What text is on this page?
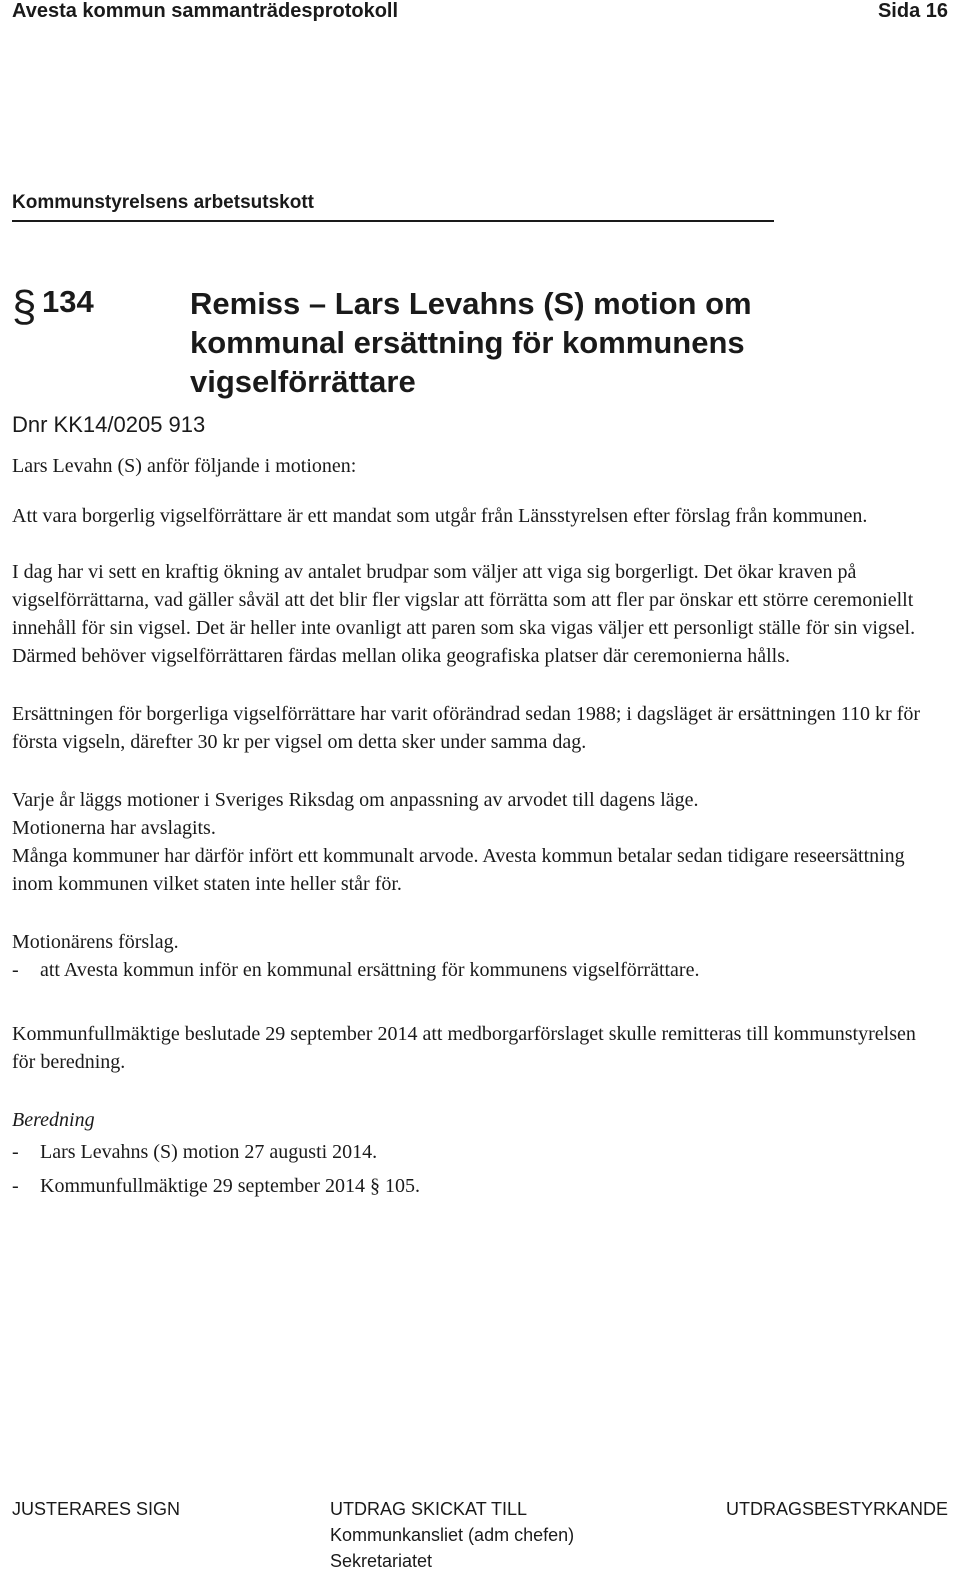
Avesta kommun sammanträdesprotokoll	Sida 16
Kommunstyrelsens arbetsutskott
§ 134	Remiss – Lars Levahns (S) motion om
kommunal ersättning för kommunens
vigselförrättare
Dnr KK14/0205 913

Lars Levahn (S) anför följande i motionen:

Att vara borgerlig vigselförrättare är ett mandat som utgår från Länsstyrelsen efter förslag från kommunen.

I dag har vi sett en kraftig ökning av antalet brudpar som väljer att viga sig borgerligt. Det ökar kraven på vigselförrättarna, vad gäller såväl att det blir fler vigslar att förrätta som att fler par önskar ett större ceremoniellt innehåll för sin vigsel. Det är heller inte ovanligt att paren som ska vigas väljer ett personligt ställe för sin vigsel. Därmed behöver vigselförrättaren färdas mellan olika geografiska platser där ceremonierna hålls.

Ersättningen för borgerliga vigselförrättare har varit oförändrad sedan 1988; i dagsläget är ersättningen 110 kr för första vigseln, därefter 30 kr per vigsel om detta sker under samma dag.

Varje år läggs motioner i Sveriges Riksdag om anpassning av arvodet till dagens läge.

Motionerna har avslagits.

Många kommuner har därför infört ett kommunalt arvode. Avesta kommun betalar sedan tidigare reseersättning inom kommunen vilket staten inte heller står för.

Motionärens förslag.

-	att Avesta kommun inför en kommunal ersättning för kommunens vigselförrättare.

Kommunfullmäktige beslutade 29 september 2014 att medborgarförslaget skulle remitteras till kommunstyrelsen för beredning.

Beredning

-	Lars Levahns (S) motion 27 augusti 2014.
-	Kommunfullmäktige 29 september 2014 § 105.
JUSTERARES SIGN	UTDRAG SKICKAT TILL
Kommunkansliet (adm chefen)
Sekretariatet
UTDRAGSBESTYRKANDE
